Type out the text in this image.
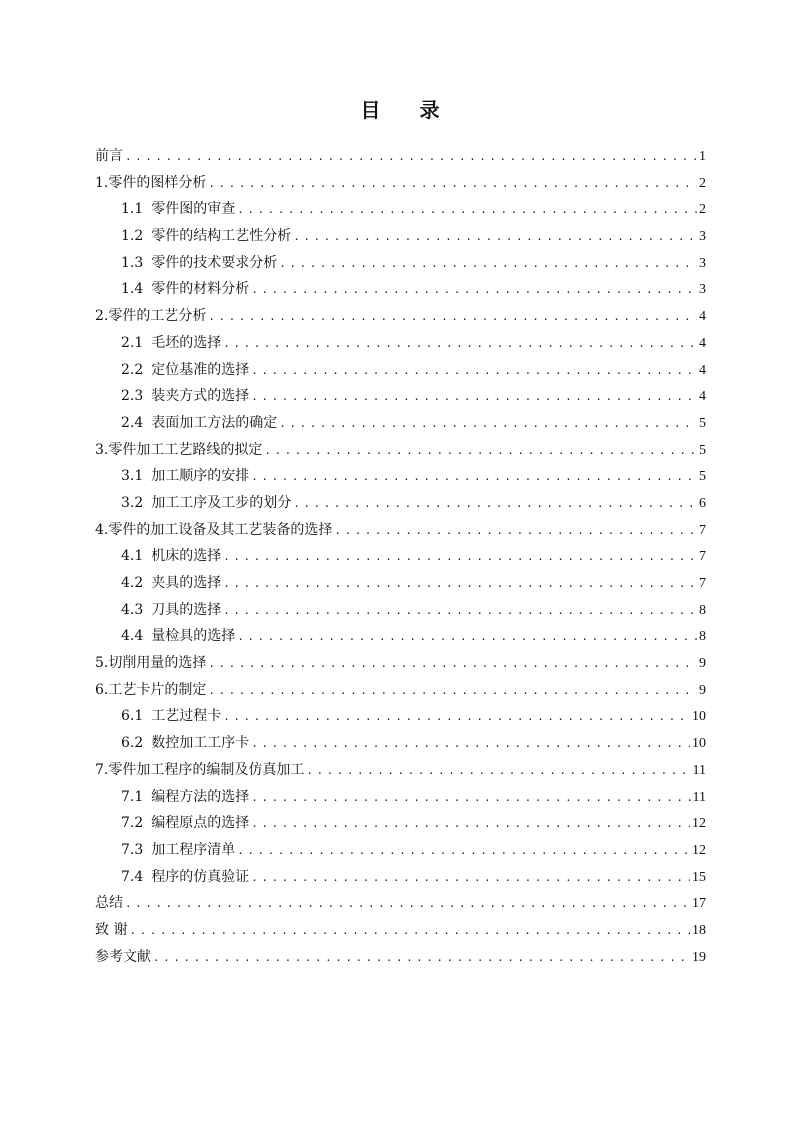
目 录
前言 .....	1
1.零件的图样分析 .....	2
1.1 零件图的审查 .....	2
1.2 零件的结构工艺性分析 .....	3
1.3 零件的技术要求分析 .....	3
1.4 零件的材料分析 .....	3
2.零件的工艺分析 .....	4
2.1 毛坯的选择 .....	4
2.2 定位基准的选择 .....	4
2.3 装夹方式的选择 .....	4
2.4 表面加工方法的确定 .....	5
3.零件加工工艺路线的拟定 .....	5
3.1 加工顺序的安排 .....	5
3.2 加工工序及工步的划分 .....	6
4.零件的加工设备及其工艺装备的选择 .....	7
4.1 机床的选择 .....	7
4.2 夹具的选择 .....	7
4.3 刀具的选择 .....	8
4.4 量检具的选择 .....	8
5.切削用量的选择 .....	9
6.工艺卡片的制定 .....	9
6.1 工艺过程卡 .....	10
6.2 数控加工工序卡 .....	10
7.零件加工程序的编制及仿真加工 .....	11
7.1 编程方法的选择 .....	11
7.2 编程原点的选择 .....	12
7.3 加工程序清单 .....	12
7.4 程序的仿真验证 .....	15
总结 .....	17
致 谢 .....	18
参考文献 .....	19
